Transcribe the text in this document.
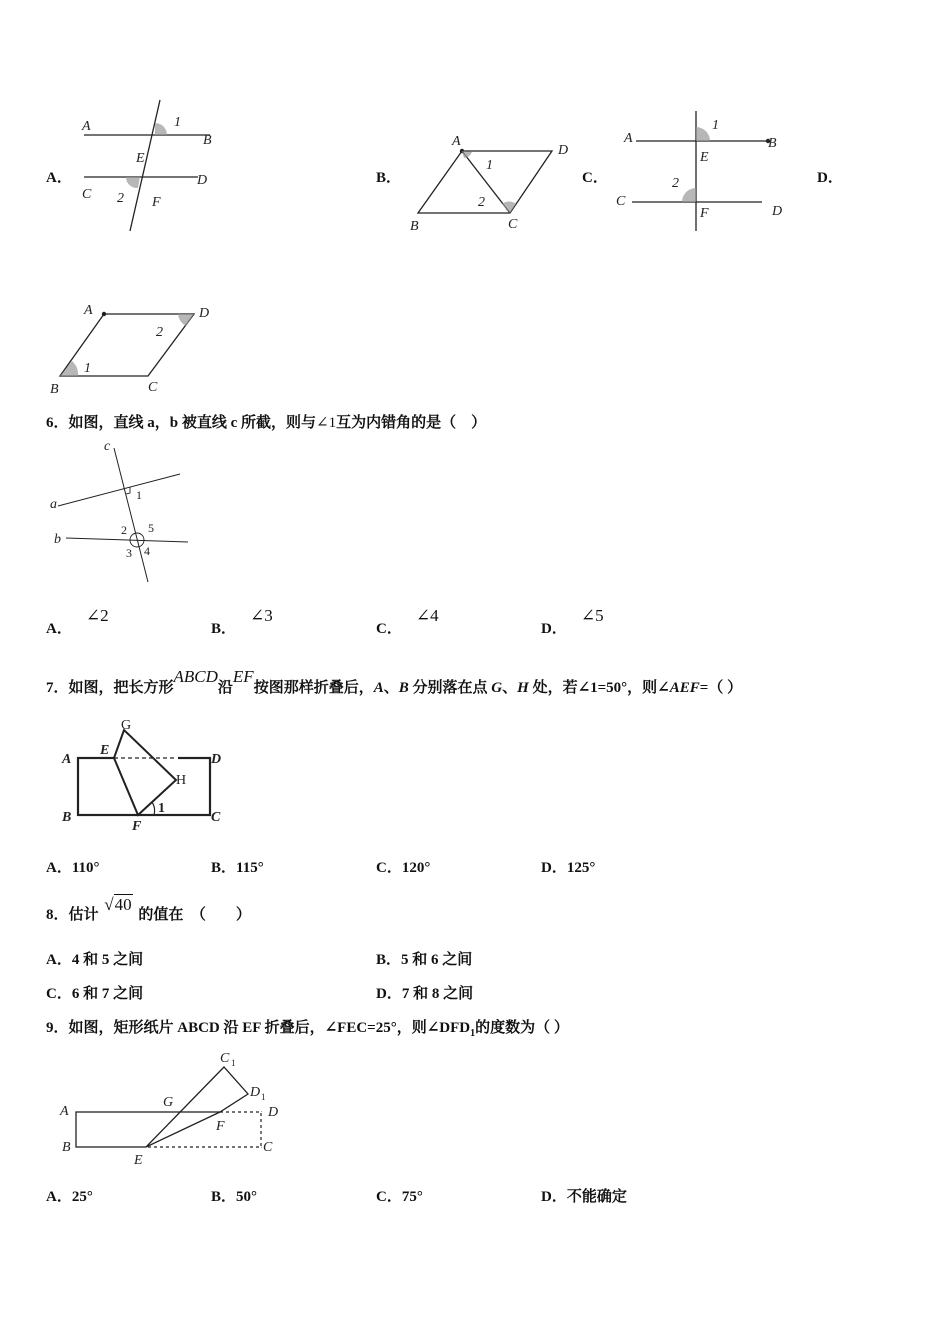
A．
A
B
C
D
E
F
1
2
B．
A
D
B	C
1
2
C．
A	B
E
1
C
D
F
2	D．
A	D
B	C
1
2
6．如图，直线 a，b 被直线 c 所截，则与∠1互为内错角的是（　）
a
b
c
1
2 5
3 4
A．∠2
B．∠3
C．∠4
D．∠5
7．如图，把长方形ABCD沿EF按图那样折叠后，A、B 分别落在点 G、H 处，若∠1=50°，则∠AEF=（ ）
A
B
D
C
E
F
G
H
1
A．110°	B．115°	C．120°	D．125°
8．估计 √40 的值在　（　　）
A．4 和 5 之间	B．5 和 6 之间
C．6 和 7 之间	D．7 和 8 之间
9．如图，矩形纸片 ABCD 沿 EF 折叠后，∠FEC=25°，则$\angle DFD_1$的度数为（ ）
A
B
E
C
D
G
F
C 1
D 1
A．25°	B．50°	C．75°	D．不能确定
